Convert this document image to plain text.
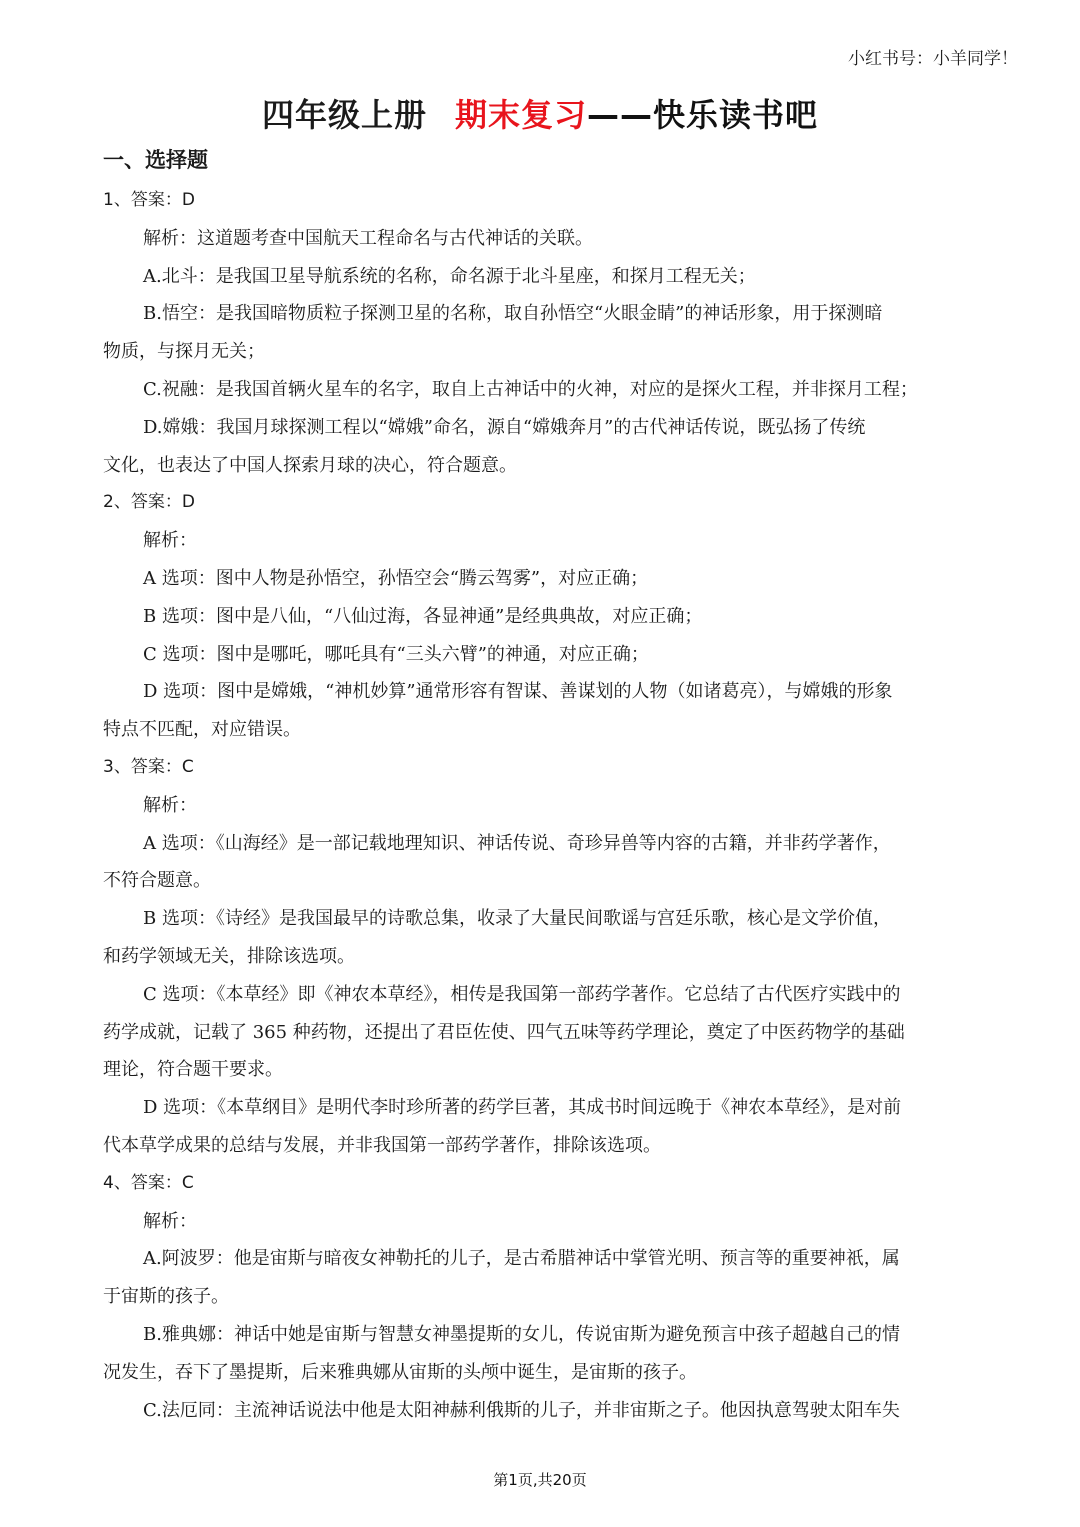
小红书号：小羊同学！
四年级上册 期末复习——快乐读书吧
一、选择题
1、答案：D
解析：这道题考查中国航天工程命名与古代神话的关联。
A.北斗：是我国卫星导航系统的名称，命名源于北斗星座，和探月工程无关；
B.悟空：是我国暗物质粒子探测卫星的名称，取自孙悟空“火眼金睛”的神话形象，用于探测暗
物质，与探月无关；
C.祝融：是我国首辆火星车的名字，取自上古神话中的火神，对应的是探火工程，并非探月工程；
D.嫦娥：我国月球探测工程以“嫦娥”命名，源自“嫦娥奔月”的古代神话传说，既弘扬了传统
文化，也表达了中国人探索月球的决心，符合题意。
2、答案：D
解析：
A 选项：图中人物是孙悟空，孙悟空会“腾云驾雾”，对应正确；
B 选项：图中是八仙，“八仙过海，各显神通”是经典典故，对应正确；
C 选项：图中是哪吒，哪吒具有“三头六臂”的神通，对应正确；
D 选项：图中是嫦娥，“神机妙算”通常形容有智谋、善谋划的人物（如诸葛亮），与嫦娥的形象
特点不匹配，对应错误。
3、答案：C
解析：
A 选项：《山海经》是一部记载地理知识、神话传说、奇珍异兽等内容的古籍，并非药学著作，
不符合题意。
B 选项：《诗经》是我国最早的诗歌总集，收录了大量民间歌谣与宫廷乐歌，核心是文学价值，
和药学领域无关，排除该选项。
C 选项：《本草经》即《神农本草经》，相传是我国第一部药学著作。它总结了古代医疗实践中的
药学成就，记载了 365 种药物，还提出了君臣佐使、四气五味等药学理论，奠定了中医药物学的基础
理论，符合题干要求。
D 选项：《本草纲目》是明代李时珍所著的药学巨著，其成书时间远晚于《神农本草经》，是对前
代本草学成果的总结与发展，并非我国第一部药学著作，排除该选项。
4、答案：C
解析：
A.阿波罗：他是宙斯与暗夜女神勒托的儿子，是古希腊神话中掌管光明、预言等的重要神祇，属
于宙斯的孩子。
B.雅典娜：神话中她是宙斯与智慧女神墨提斯的女儿，传说宙斯为避免预言中孩子超越自己的情
况发生，吞下了墨提斯，后来雅典娜从宙斯的头颅中诞生，是宙斯的孩子。
C.法厄同：主流神话说法中他是太阳神赫利俄斯的儿子，并非宙斯之子。他因执意驾驶太阳车失
第1页,共20页
